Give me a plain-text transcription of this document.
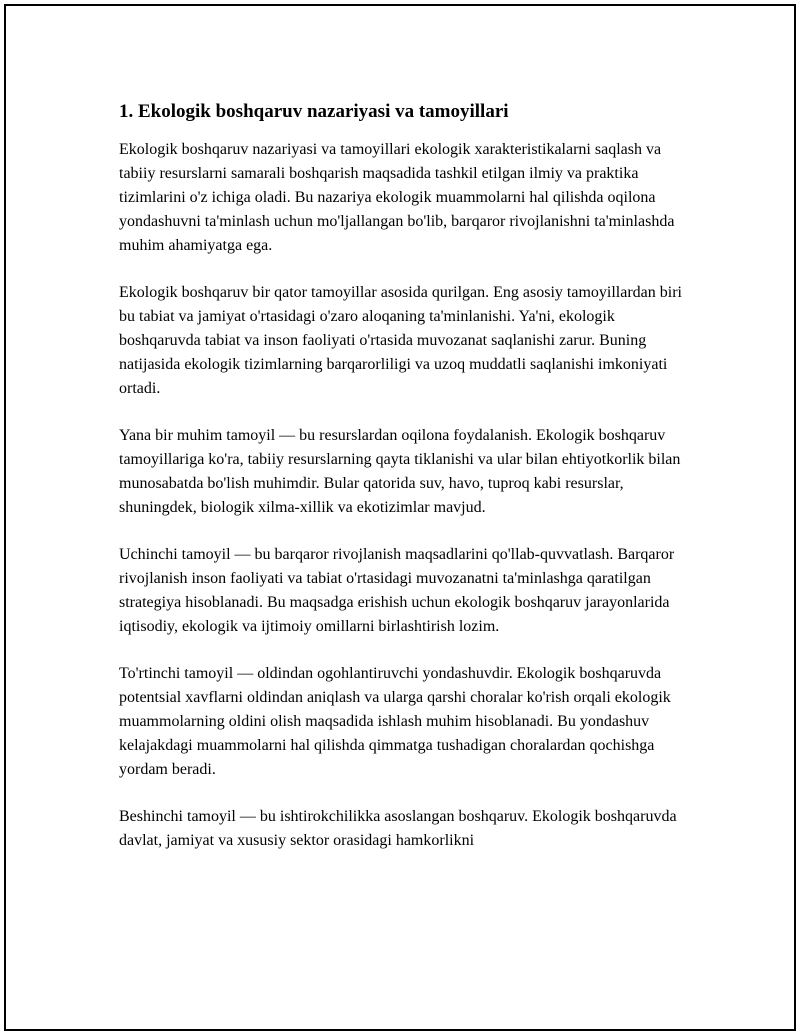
1. Ekologik boshqaruv nazariyasi va tamoyillari

Ekologik boshqaruv nazariyasi va tamoyillari ekologik xarakteristikalarni saqlash va tabiiy resurslarni samarali boshqarish maqsadida tashkil etilgan ilmiy va praktika tizimlarini o'z ichiga oladi. Bu nazariya ekologik muammolarni hal qilishda oqilona yondashuvni ta'minlash uchun mo'ljallangan bo'lib, barqaror rivojlanishni ta'minlashda muhim ahamiyatga ega.

Ekologik boshqaruv bir qator tamoyillar asosida qurilgan. Eng asosiy tamoyillardan biri bu tabiat va jamiyat o'rtasidagi o'zaro aloqaning ta'minlanishi. Ya'ni, ekologik boshqaruvda tabiat va inson faoliyati o'rtasida muvozanat saqlanishi zarur. Buning natijasida ekologik tizimlarning barqarorliligi va uzoq muddatli saqlanishi imkoniyati ortadi.

Yana bir muhim tamoyil — bu resurslardan oqilona foydalanish. Ekologik boshqaruv tamoyillariga ko'ra, tabiiy resurslarning qayta tiklanishi va ular bilan ehtiyotkorlik bilan munosabatda bo'lish muhimdir. Bular qatorida suv, havo, tuproq kabi resurslar, shuningdek, biologik xilma-xillik va ekotizimlar mavjud.

Uchinchi tamoyil — bu barqaror rivojlanish maqsadlarini qo'llab-quvvatlash. Barqaror rivojlanish inson faoliyati va tabiat o'rtasidagi muvozanatni ta'minlashga qaratilgan strategiya hisoblanadi. Bu maqsadga erishish uchun ekologik boshqaruv jarayonlarida iqtisodiy, ekologik va ijtimoiy omillarni birlashtirish lozim.

To'rtinchi tamoyil — oldindan ogohlantiruvchi yondashuvdir. Ekologik boshqaruvda potentsial xavflarni oldindan aniqlash va ularga qarshi choralar ko'rish orqali ekologik muammolarning oldini olish maqsadida ishlash muhim hisoblanadi. Bu yondashuv kelajakdagi muammolarni hal qilishda qimmatga tushadigan choralardan qochishga yordam beradi.

Beshinchi tamoyil — bu ishtirokchilikka asoslangan boshqaruv. Ekologik boshqaruvda davlat, jamiyat va xususiy sektor orasidagi hamkorlikni
